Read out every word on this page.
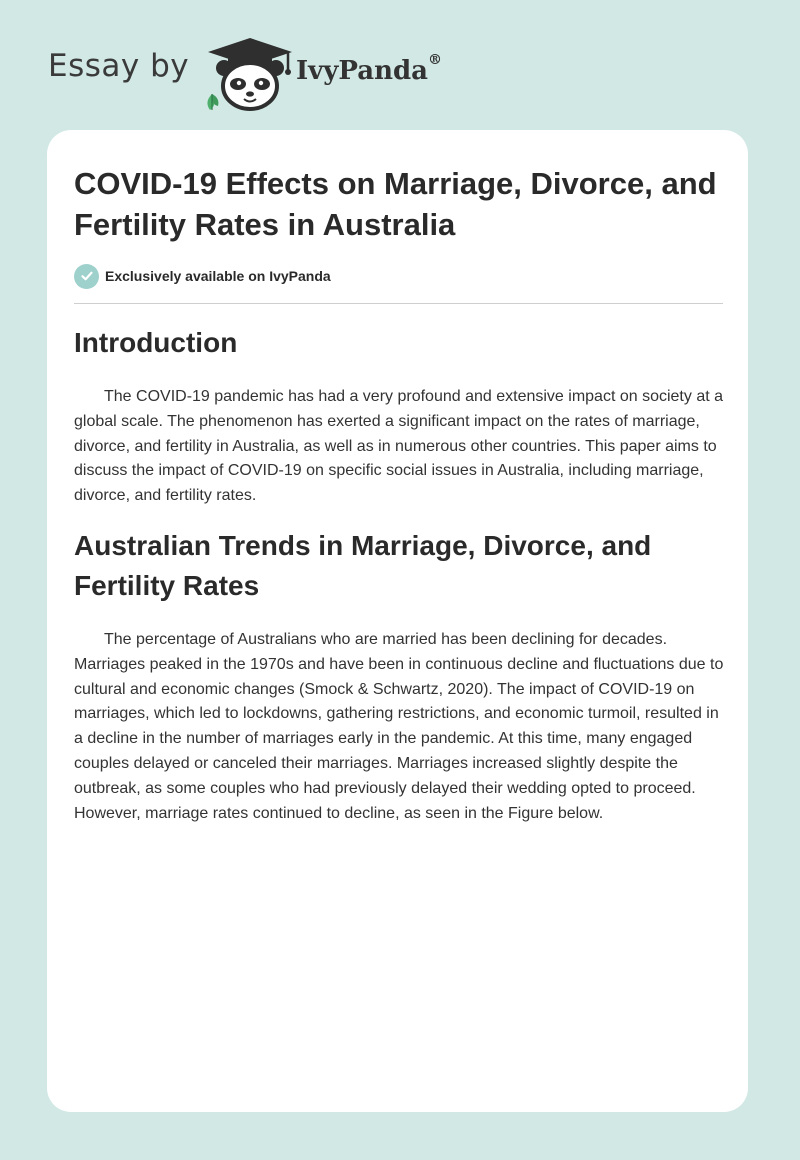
Essay by	IvyPanda®
COVID-19 Effects on Marriage, Divorce, and Fertility Rates in Australia
Exclusively available on IvyPanda
Introduction

The COVID-19 pandemic has had a very profound and extensive impact on society at a global scale. The phenomenon has exerted a significant impact on the rates of marriage, divorce, and fertility in Australia, as well as in numerous other countries. This paper aims to discuss the impact of COVID-19 on specific social issues in Australia, including marriage, divorce, and fertility rates.

Australian Trends in Marriage, Divorce, and Fertility Rates

The percentage of Australians who are married has been declining for decades. Marriages peaked in the 1970s and have been in continuous decline and fluctuations due to cultural and economic changes (Smock & Schwartz, 2020). The impact of COVID-19 on marriages, which led to lockdowns, gathering restrictions, and economic turmoil, resulted in a decline in the number of marriages early in the pandemic. At this time, many engaged couples delayed or canceled their marriages. Marriages increased slightly despite the outbreak, as some couples who had previously delayed their wedding opted to proceed. However, marriage rates continued to decline, as seen in the Figure below.
